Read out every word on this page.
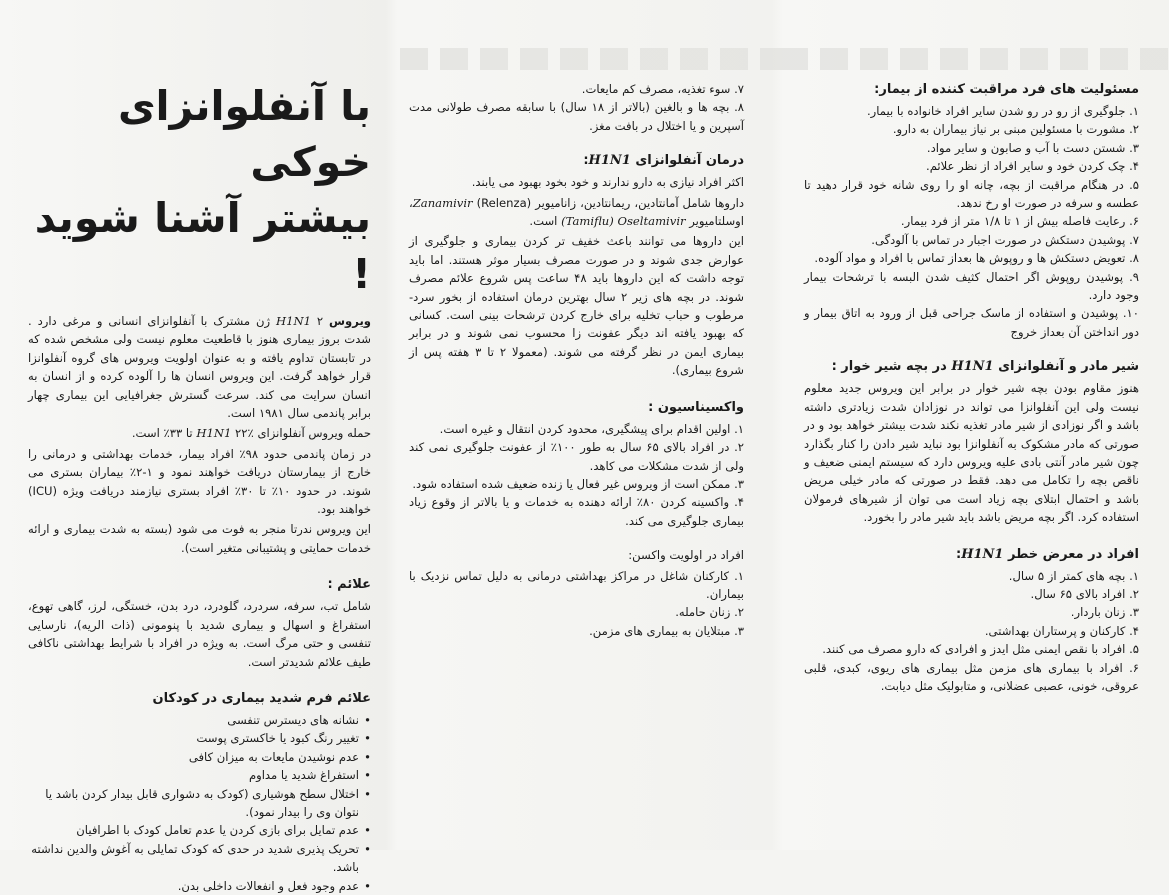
با آنفلوانزای خوکی
بیشتر آشنا شوید !

ویروس H1N1 ۲ ژن مشترک با آنفلوانزای انسانی و مرغی دارد . شدت بروز بیماری هنوز با قاطعیت معلوم نیست ولی مشخص شده که در تابستان تداوم یافته و به عنوان اولویت ویروس های گروه آنفلوانزا قرار خواهد گرفت. این ویروس انسان ها را آلوده کرده و از انسان به انسان سرایت می کند. سرعت گسترش جغرافیایی این بیماری چهار برابر پاندمی سال ۱۹۸۱ است.

حمله ویروس آنفلوانزای H1N1 ۲۲٪ تا ۳۳٪ است.

در زمان پاندمی حدود ۹۸٪ افراد بیمار، خدمات بهداشتی و درمانی را خارج از بیمارستان دریافت خواهند نمود و ۱-۲٪ بیماران بستری می شوند. در حدود ۱۰٪ تا ۳۰٪ افراد بستری نیازمند دریافت ویژه (ICU) خواهند بود.

این ویروس ندرتا منجر به فوت می شود (بسته به شدت بیماری و ارائه خدمات حمایتی و پشتیبانی متغیر است).

علائم :

شامل تب، سرفه، سردرد، گلودرد، درد بدن، خستگی، لرز، گاهی تهوع، استفراغ و اسهال و بیماری شدید با پنومونی (ذات الریه)، نارسایی تنفسی و حتی مرگ است. به ویژه در افراد با شرایط بهداشتی ناکافی طیف علائم شدیدتر است.

علائم فرم شدید بیماری در کودکان
• نشانه های دیسترس تنفسی
• تغییر رنگ کبود یا خاکستری پوست
• عدم نوشیدن مایعات به میزان کافی
• استفراغ شدید یا مداوم
• اختلال سطح هوشیاری (کودک به دشواری قابل بیدار کردن باشد یا نتوان وی را بیدار نمود).
• عدم تمایل برای بازی کردن یا عدم تعامل کودک با اطرافیان
• تحریک پذیری شدید در حدی که کودک تمایلی به آغوش والدین نداشته باشد.
• عدم وجود فعل و انفعالات داخلی بدن.
۷. سوء تغذیه، مصرف کم مایعات.
۸. بچه ها و بالغین (بالاتر از ۱۸ سال) با سابقه مصرف طولانی مدت آسپرین و یا اختلال در بافت مغز.
درمان آنفلوانزای H1N1:

اکثر افراد نیازی به دارو ندارند و خود بخود بهبود می یابند.

داروها شامل آمانتادین، ریمانتادین، زانامیویر Zanamivir (Relenza)، اوسلتامیویر (Tamiflu) Oseltamivir است.

این داروها می توانند باعث خفیف تر کردن بیماری و جلوگیری از عوارض جدی شوند و در صورت مصرف بسیار موثر هستند. اما باید توجه داشت که این داروها باید ۴۸ ساعت پس شروع علائم مصرف شوند. در بچه های زیر ۲ سال بهترین درمان استفاده از بخور سرد-مرطوب و حباب تخلیه برای خارج کردن ترشحات بینی است. کسانی که بهبود یافته اند دیگر عفونت زا محسوب نمی شوند و در برابر بیماری ایمن در نظر گرفته می شوند. (معمولا ۲ تا ۳ هفته پس از شروع بیماری).

واکسیناسیون :
۱. اولین اقدام برای پیشگیری، محدود کردن انتقال و غیره است.
۲. در افراد بالای ۶۵ سال به طور ۱۰۰٪ از عفونت جلوگیری نمی کند ولی از شدت مشکلات می کاهد.
۳. ممکن است از ویروس غیر فعال یا زنده ضعیف شده استفاده شود.
۴. واکسینه کردن ۸۰٪ ارائه دهنده به خدمات و یا بالاتر از وقوع زیاد بیماری جلوگیری می کند.
افراد در اولویت واکسن:
۱. کارکنان شاغل در مراکز بهداشتی درمانی به دلیل تماس نزدیک با بیماران.
۲. زنان حامله.
۳. مبتلایان به بیماری های مزمن.
مسئولیت های فرد مراقبت کننده از بیمار:
۱. جلوگیری از رو در رو شدن سایر افراد خانواده با بیمار.
۲. مشورت با مسئولین مبنی بر نیاز بیماران به دارو.
۳. شستن دست با آب و صابون و سایر مواد.
۴. چک کردن خود و سایر افراد از نظر علائم.
۵. در هنگام مراقبت از بچه، چانه او را روی شانه خود قرار دهید تا عطسه و سرفه در صورت او رخ ندهد.
۶. رعایت فاصله بیش از ۱ تا ۱/۸ متر از فرد بیمار.
۷. پوشیدن دستکش در صورت اجبار در تماس با آلودگی.
۸. تعویض دستکش ها و روپوش ها بعداز تماس با افراد و مواد آلوده.
۹. پوشیدن روپوش اگر احتمال کثیف شدن البسه با ترشحات بیمار وجود دارد.
۱۰. پوشیدن و استفاده از ماسک جراحی قبل از ورود به اتاق بیمار و دور انداختن آن بعداز خروج
شیر مادر و آنفلوانزای H1N1 در بچه شیر خوار :

هنوز مقاوم بودن بچه شیر خوار در برابر این ویروس جدید معلوم نیست ولی این آنفلوانزا می تواند در نوزادان شدت زیادتری داشته باشد و اگر نوزادی از شیر مادر تغذیه نکند شدت بیشتر خواهد بود و در صورتی که مادر مشکوک به آنفلوانزا بود نباید شیر دادن را کنار بگذارد چون شیر مادر آنتی بادی علیه ویروس دارد که سیستم ایمنی ضعیف و ناقص بچه را تکامل می دهد. فقط در صورتی که مادر خیلی مریض باشد و احتمال ابتلای بچه زیاد است می توان از شیرهای فرمولان استفاده کرد. اگر بچه مریض باشد باید شیر مادر را بخورد.

افراد در معرض خطر H1N1:
۱. بچه های کمتر از ۵ سال.
۲. افراد بالای ۶۵ سال.
۳. زنان باردار.
۴. کارکنان و پرستاران بهداشتی.
۵. افراد با نقص ایمنی مثل ایدز و افرادی که دارو مصرف می کنند.
۶. افراد با بیماری های مزمن مثل بیماری های ریوی، کبدی، قلبی عروقی، خونی، عصبی عضلانی، و متابولیک مثل دیابت.
